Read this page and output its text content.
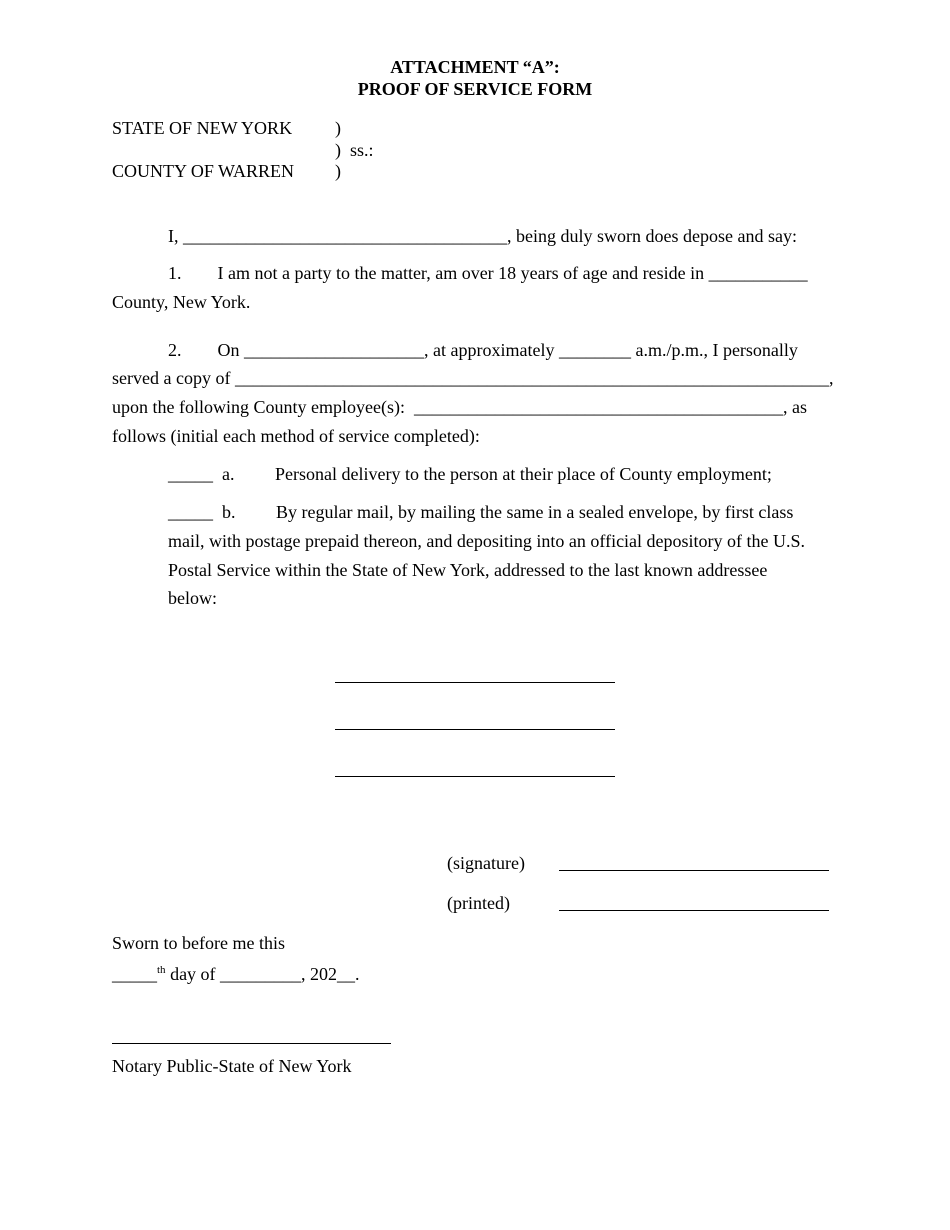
ATTACHMENT “A”:
PROOF OF SERVICE FORM
STATE OF NEW YORK )
)  ss.:
COUNTY OF WARREN )
I, ____________________________________, being duly sworn does depose and say:
1.        I am not a party to the matter, am over 18 years of age and reside in ___________
County, New York.
2.        On ____________________, at approximately ________ a.m./p.m., I personally
served a copy of __________________________________________________________________,
upon the following County employee(s):  _________________________________________, as
follows (initial each method of service completed):
_____  a.         Personal delivery to the person at their place of County employment;
_____  b.         By regular mail, by mailing the same in a sealed envelope, by first class
mail, with postage prepaid thereon, and depositing into an official depository of the U.S.
Postal Service within the State of New York, addressed to the last known addressee
below:
(signature)
(printed)
Sworn to before me this
_____$^{th}$ day of _________, 202__.
Notary Public-State of New York
